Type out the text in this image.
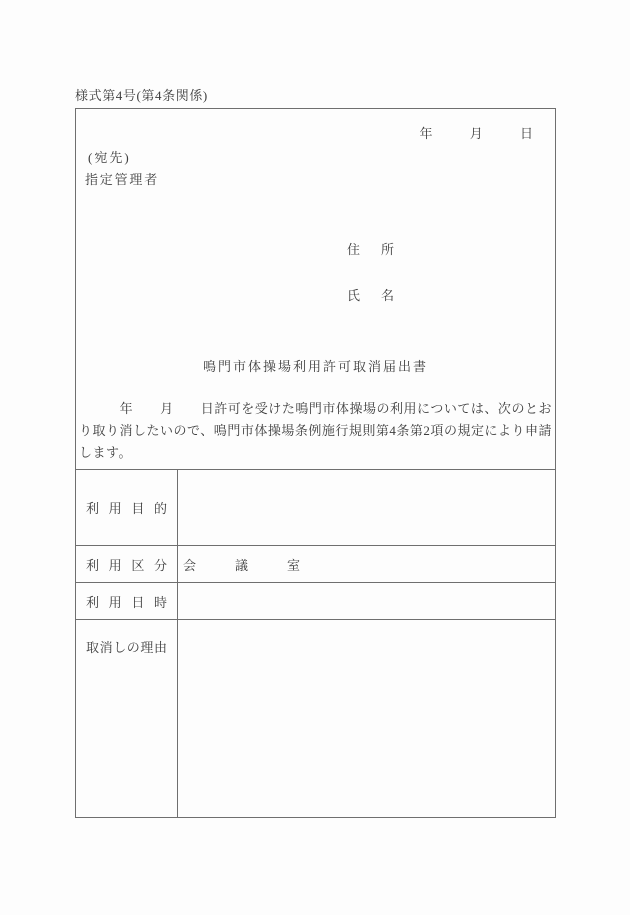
様式第4号(第4条関係)
年	月	日
(宛先)
指定管理者
住　所
氏　名
鳴門市体操場利用許可取消届出書
　　　年　　月　　日許可を受けた鳴門市体操場の利用については、次のとおり取り消したいので、鳴門市体操場条例施行規則第4条第2項の規定により申請します。
利用目的
利用区分	会議室
利用日時
取消しの理由
